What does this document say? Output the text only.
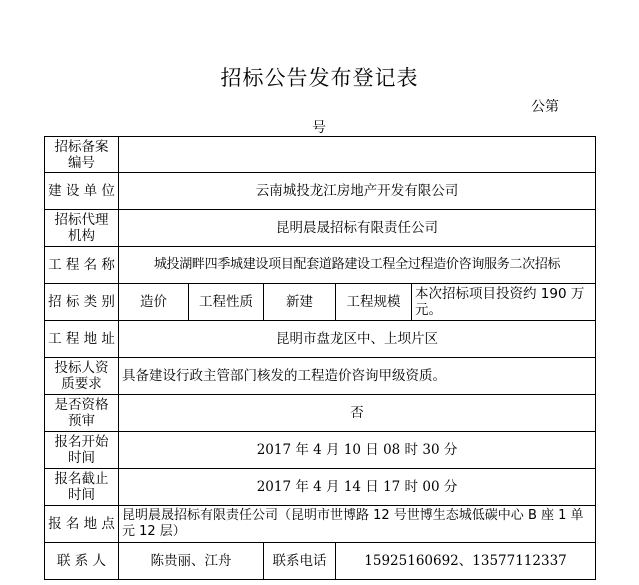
招标公告发布登记表
公第
号
招标备案编号					
建 设 单 位	云南城投龙江房地产开发有限公司				
招标代理机构	昆明晨晟招标有限责任公司				
工 程 名 称	城投湖畔四季城建设项目配套道路建设工程全过程造价咨询服务二次招标				
招 标 类 别	造价	工程性质	新建	工程规模	本次招标项目投资约 190 万元。
工 程 地 址	昆明市盘龙区中、上坝片区				
投标人资质要求	具备建设行政主管部门核发的工程造价咨询甲级资质。				
是否资格预审	否				
报名开始时间	2017 年 4 月 10 日 08 时 30 分				
报名截止时间	2017 年 4 月 14 日 17 时 00 分				
报 名 地 点	昆明晨晟招标有限责任公司（昆明市世博路 12 号世博生态城低碳中心 B 座 1 单元 12 层）				
联 系 人	陈贵丽、江舟		联系电话	15925160692、13577112337	
